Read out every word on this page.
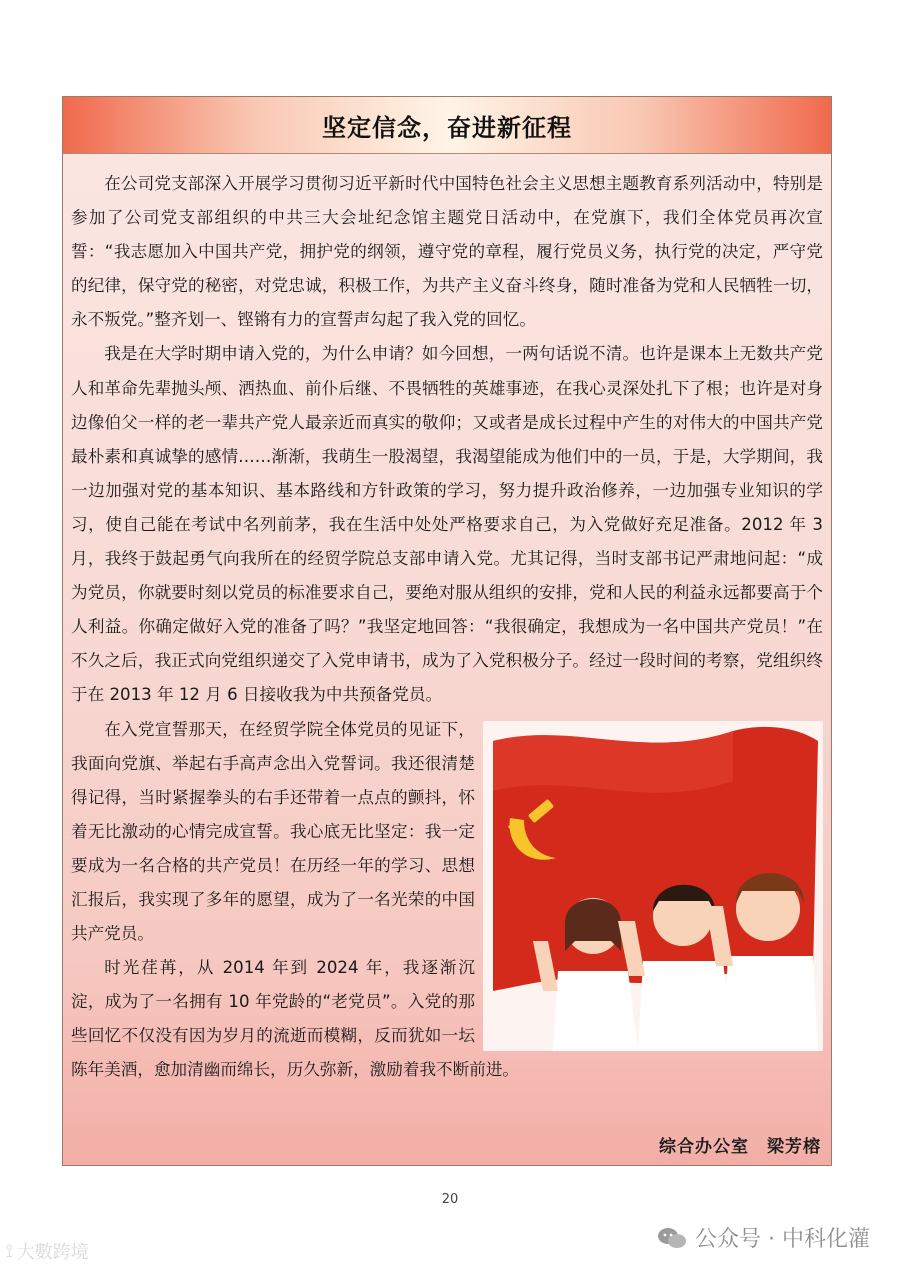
坚定信念，奋进新征程

在公司党支部深入开展学习贯彻习近平新时代中国特色社会主义思想主题教育系列活动中，特别是参加了公司党支部组织的中共三大会址纪念馆主题党日活动中，在党旗下，我们全体党员再次宣誓：“我志愿加入中国共产党，拥护党的纲领，遵守党的章程，履行党员义务，执行党的决定，严守党的纪律，保守党的秘密，对党忠诚，积极工作，为共产主义奋斗终身，随时准备为党和人民牺牲一切，永不叛党。”整齐划一、铿锵有力的宣誓声勾起了我入党的回忆。

我是在大学时期申请入党的，为什么申请？如今回想，一两句话说不清。也许是课本上无数共产党人和革命先辈抛头颅、洒热血、前仆后继、不畏牺牲的英雄事迹，在我心灵深处扎下了根；也许是对身边像伯父一样的老一辈共产党人最亲近而真实的敬仰；又或者是成长过程中产生的对伟大的中国共产党最朴素和真诚挚的感情……渐渐，我萌生一股渴望，我渴望能成为他们中的一员，于是，大学期间，我一边加强对党的基本知识、基本路线和方针政策的学习，努力提升政治修养，一边加强专业知识的学习，使自己能在考试中名列前茅，我在生活中处处严格要求自己，为入党做好充足准备。2012 年 3 月，我终于鼓起勇气向我所在的经贸学院总支部申请入党。尤其记得，当时支部书记严肃地问起：“成为党员，你就要时刻以党员的标准要求自己，要绝对服从组织的安排，党和人民的利益永远都要高于个人利益。你确定做好入党的准备了吗？”我坚定地回答：“我很确定，我想成为一名中国共产党员！”在不久之后，我正式向党组织递交了入党申请书，成为了入党积极分子。经过一段时间的考察，党组织终于在 2013 年 12 月 6 日接收我为中共预备党员。

在入党宣誓那天，在经贸学院全体党员的见证下，我面向党旗、举起右手高声念出入党誓词。我还很清楚得记得，当时紧握拳头的右手还带着一点点的颤抖，怀着无比激动的心情完成宣誓。我心底无比坚定：我一定要成为一名合格的共产党员！在历经一年的学习、思想汇报后，我实现了多年的愿望，成为了一名光荣的中国共产党员。

时光荏苒，从 2014 年到 2024 年，我逐渐沉淀，成为了一名拥有 10 年党龄的“老党员”。入党的那些回忆不仅没有因为岁月的流逝而模糊，反而犹如一坛陈年美酒，愈加清幽而绵长，历久弥新，激励着我不断前进。

综合办公室　梁芳榕
20
公众号 · 中科化灌
⟟ 大數跨境
